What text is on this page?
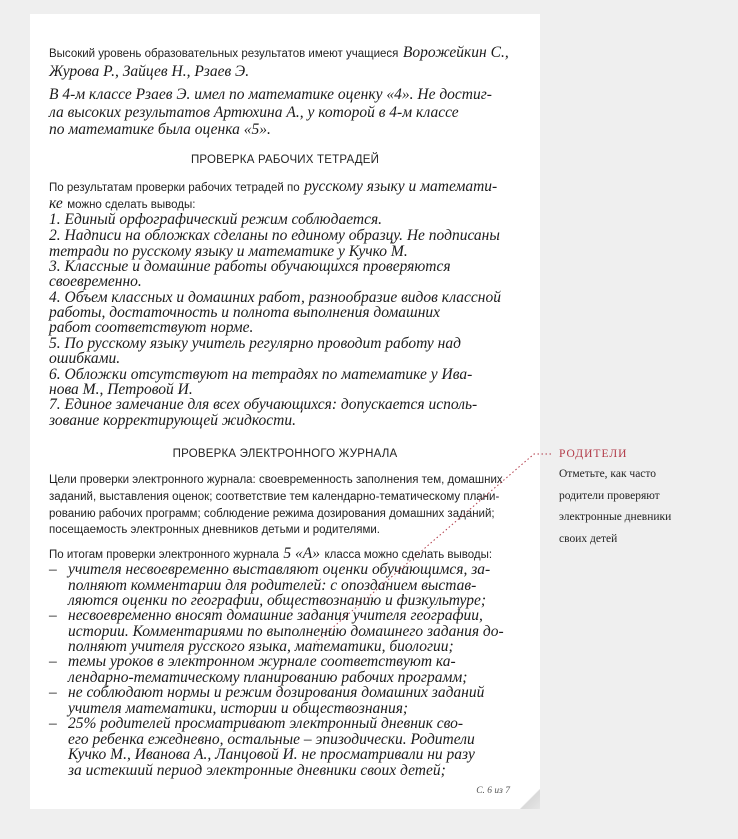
Высокий уровень образовательных результатов имеют учащиеся Ворожейкин С.,
Журова Р., Зайцев Н., Рзаев Э.
В 4-м классе Рзаев Э. имел по математике оценку «4». Не достиг-
ла высоких результатов Артюхина А., у которой в 4-м классе
по математике была оценка «5».
ПРОВЕРКА РАБОЧИХ ТЕТРАДЕЙ
По результатам проверки рабочих тетрадей по русскому языку и математи-
ке можно сделать выводы:
1. Единый орфографический режим соблюдается.
2. Надписи на обложках сделаны по единому образцу. Не подписаны
тетради по русскому языку и математике у Кучко М.
3. Классные и домашние работы обучающихся проверяются
своевременно.
4. Объем классных и домашних работ, разнообразие видов классной
работы, достаточность и полнота выполнения домашних
работ соответствуют норме.
5. По русскому языку учитель регулярно проводит работу над
ошибками.
6. Обложки отсутствуют на тетрадях по математике у Ива-
нова М., Петровой И.
7. Единое замечание для всех обучающихся: допускается исполь-
зование корректирующей жидкости.
ПРОВЕРКА ЭЛЕКТРОННОГО ЖУРНАЛА
Цели проверки электронного журнала: своевременность заполнения тем, домашних
заданий, выставления оценок; соответствие тем календарно-тематическому плани-
рованию рабочих программ; соблюдение режима дозирования домашних заданий;
посещаемость электронных дневников детьми и родителями.
По итогам проверки электронного журнала 5 «А» класса можно сделать выводы:
– учителя несвоевременно выставляют оценки обучающимся, за-
полняют комментарии для родителей: с опозданием выстав-
ляются оценки по географии, обществознанию и физкультуре;
– несвоевременно вносят домашние задания учителя географии,
истории. Комментариями по выполнению домашнего задания до-
полняют учителя русского языка, математики, биологии;
– темы уроков в электронном журнале соответствуют ка-
лендарно-тематическому планированию рабочих программ;
– не соблюдают нормы и режим дозирования домашних заданий
учителя математики, истории и обществознания;
– 25% родителей просматривают электронный дневник сво-
его ребенка ежедневно, остальные – эпизодически. Родители
Кучко М., Иванова А., Ланцовой И. не просматривали ни разу
за истекший период электронные дневники своих детей;
С. 6 из 7
РОДИТЕЛИ
Отметьте, как часто
родители проверяют
электронные дневники
своих детей
